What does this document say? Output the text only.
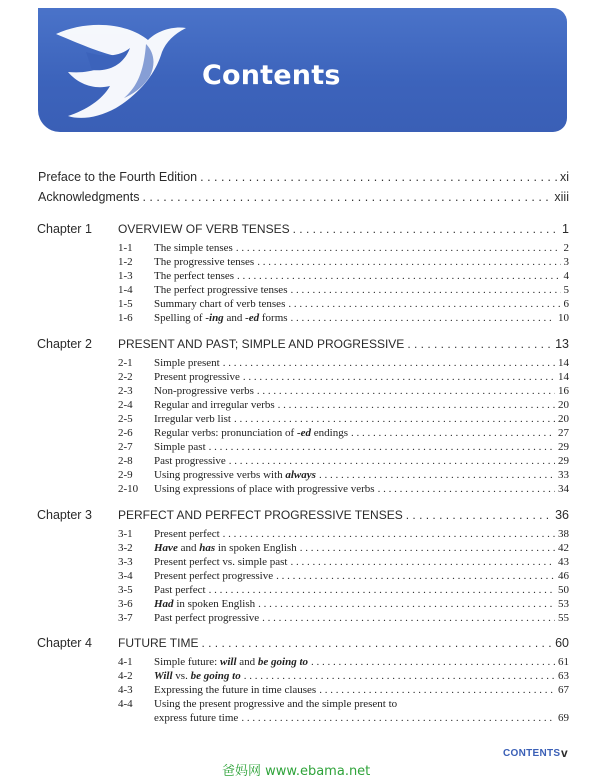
Contents
Preface to the Fourth Edition . . .	xi
Acknowledgments . . .	xiii
Chapter 1 OVERVIEW OF VERB TENSES . . .	1
1-1	The simple tenses . . .	2
1-2	The progressive tenses . . .	3
1-3	The perfect tenses . . .	4
1-4	The perfect progressive tenses . . .	5
1-5	Summary chart of verb tenses . . .	6
1-6	Spelling of -ing and -ed forms . . .	10
Chapter 2 PRESENT AND PAST; SIMPLE AND PROGRESSIVE . . .	13
2-1	Simple present . . .	14
2-2	Present progressive . . .	14
2-3	Non-progressive verbs . . .	16
2-4	Regular and irregular verbs . . .	20
2-5	Irregular verb list . . .	20
2-6	Regular verbs: pronunciation of -ed endings . . .	27
2-7	Simple past . . .	29
2-8	Past progressive . . .	29
2-9	Using progressive verbs with always . . .	33
2-10	Using expressions of place with progressive verbs . . .	34
Chapter 3 PERFECT AND PERFECT PROGRESSIVE TENSES . . .	36
3-1	Present perfect . . .	38
3-2	Have and has in spoken English . . .	42
3-3	Present perfect vs. simple past . . .	43
3-4	Present perfect progressive . . .	46
3-5	Past perfect . . .	50
3-6	Had in spoken English . . .	53
3-7	Past perfect progressive . . .	55
Chapter 4 FUTURE TIME . . .	60
4-1	Simple future: will and be going to . . .	61
4-2	Will vs. be going to . . .	63
4-3	Expressing the future in time clauses . . .	67
4-4	Using the present progressive and the simple present to
express future time . . .	69
CONTENTS v
爸妈网 www.ebama.net
